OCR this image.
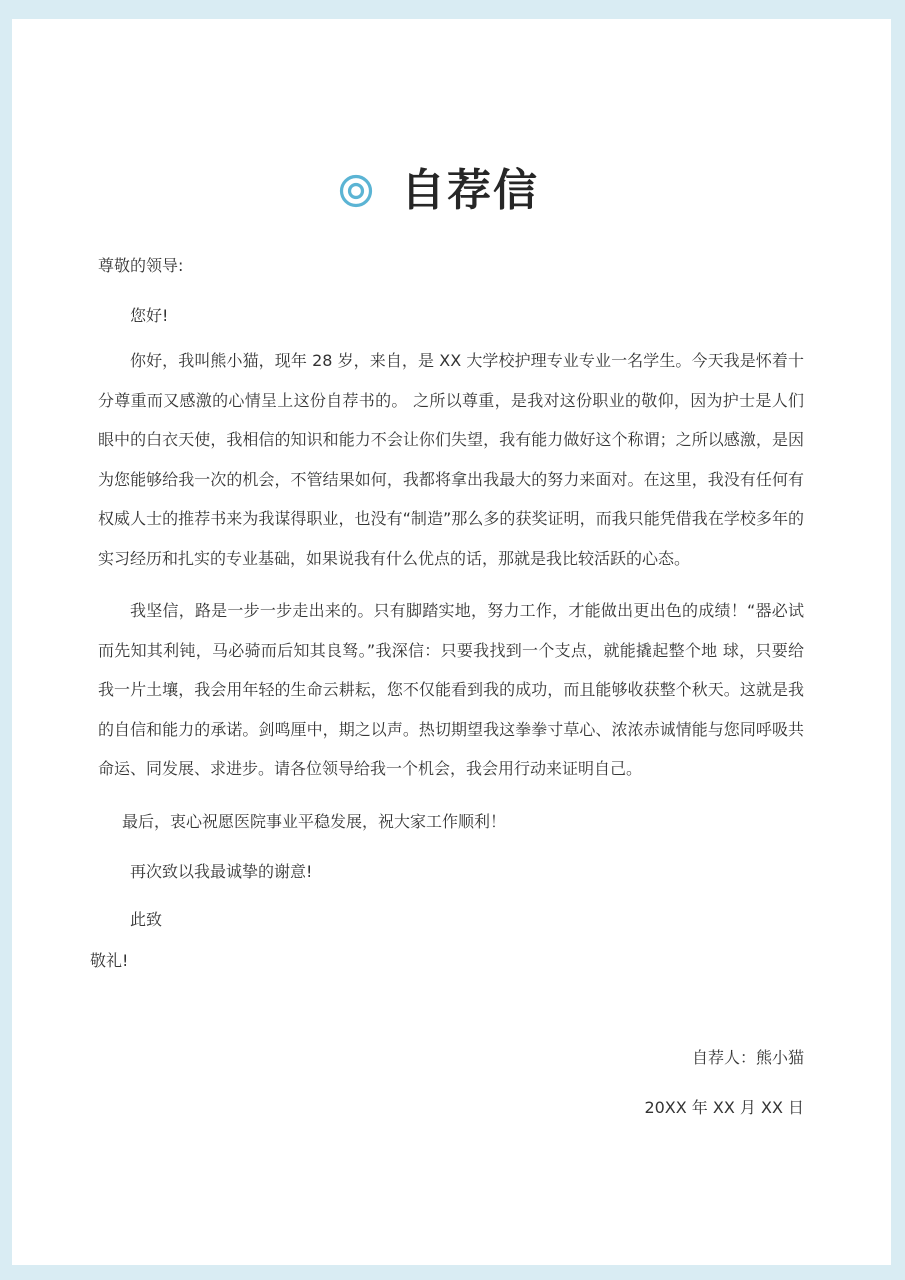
自荐信
尊敬的领导:
您好!

你好，我叫熊小猫，现年 28 岁，来自，是 XX 大学校护理专业专业一名学生。今天我是怀着十分尊重而又感激的心情呈上这份自荐书的。 之所以尊重，是我对这份职业的敬仰，因为护士是人们眼中的白衣天使，我相信的知识和能力不会让你们失望，我有能力做好这个称谓；之所以感激，是因为您能够给我一次的机会，不管结果如何，我都将拿出我最大的努力来面对。在这里，我没有任何有权威人士的推荐书来为我谋得职业，也没有“制造”那么多的获奖证明，而我只能凭借我在学校多年的实习经历和扎实的专业基础，如果说我有什么优点的话，那就是我比较活跃的心态。

我坚信，路是一步一步走出来的。只有脚踏实地，努力工作，才能做出更出色的成绩！“器必试而先知其利钝，马必骑而后知其良驽。”我深信：只要我找到一个支点，就能撬起整个地 球，只要给我一片土壤，我会用年轻的生命云耕耘，您不仅能看到我的成功，而且能够收获整个秋天。这就是我的自信和能力的承诺。剑鸣厘中，期之以声。热切期望我这拳拳寸草心、浓浓赤诚情能与您同呼吸共命运、同发展、求进步。请各位领导给我一个机会，我会用行动来证明自己。

最后，衷心祝愿医院事业平稳发展，祝大家工作顺利！
再次致以我最诚挚的谢意!
此致
敬礼!
自荐人：熊小猫
20XX 年 XX 月 XX 日
